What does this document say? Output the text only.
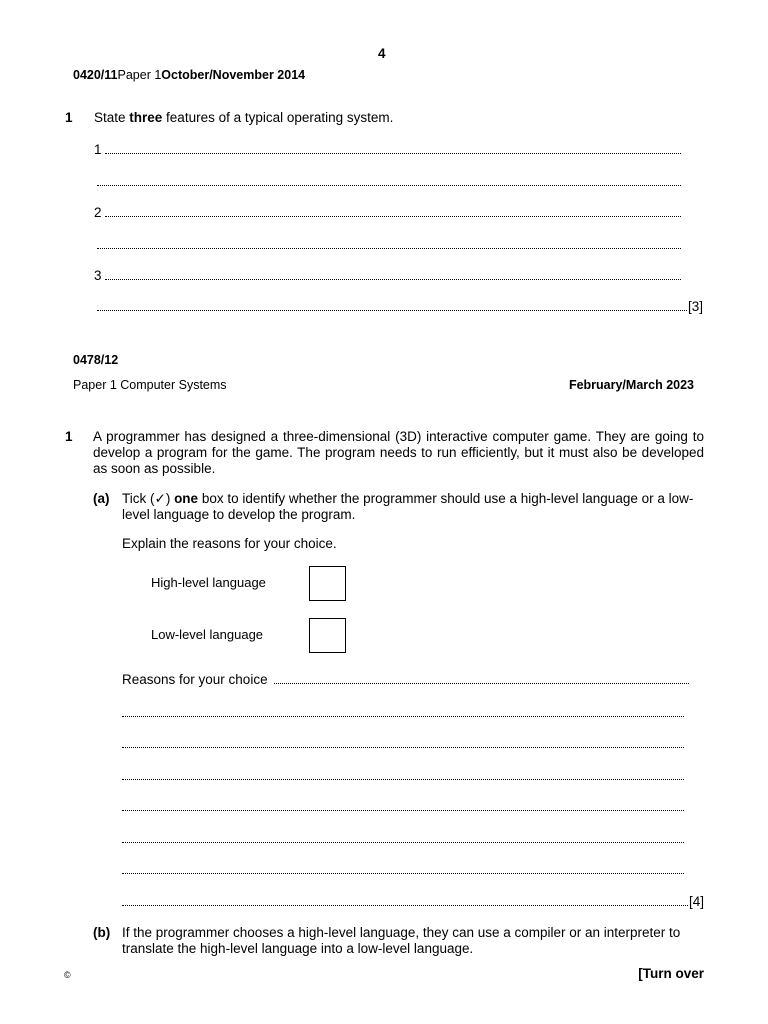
4
0420/11Paper 1October/November 2014
1 State three features of a typical operating system.
1
2
3
[3]
0478/12
Paper 1 Computer Systems	February/March 2023
1 A programmer has designed a three-dimensional (3D) interactive computer game. They are going to develop a program for the game. The program needs to run efficiently, but it must also be developed as soon as possible.
(a) Tick (✓) one box to identify whether the programmer should use a high-level language or a low-level language to develop the program.
Explain the reasons for your choice.
High-level language
Low-level language
Reasons for your choice
[4]
(b) If the programmer chooses a high-level language, they can use a compiler or an interpreter to translate the high-level language into a low-level language.
©	[Turn over
